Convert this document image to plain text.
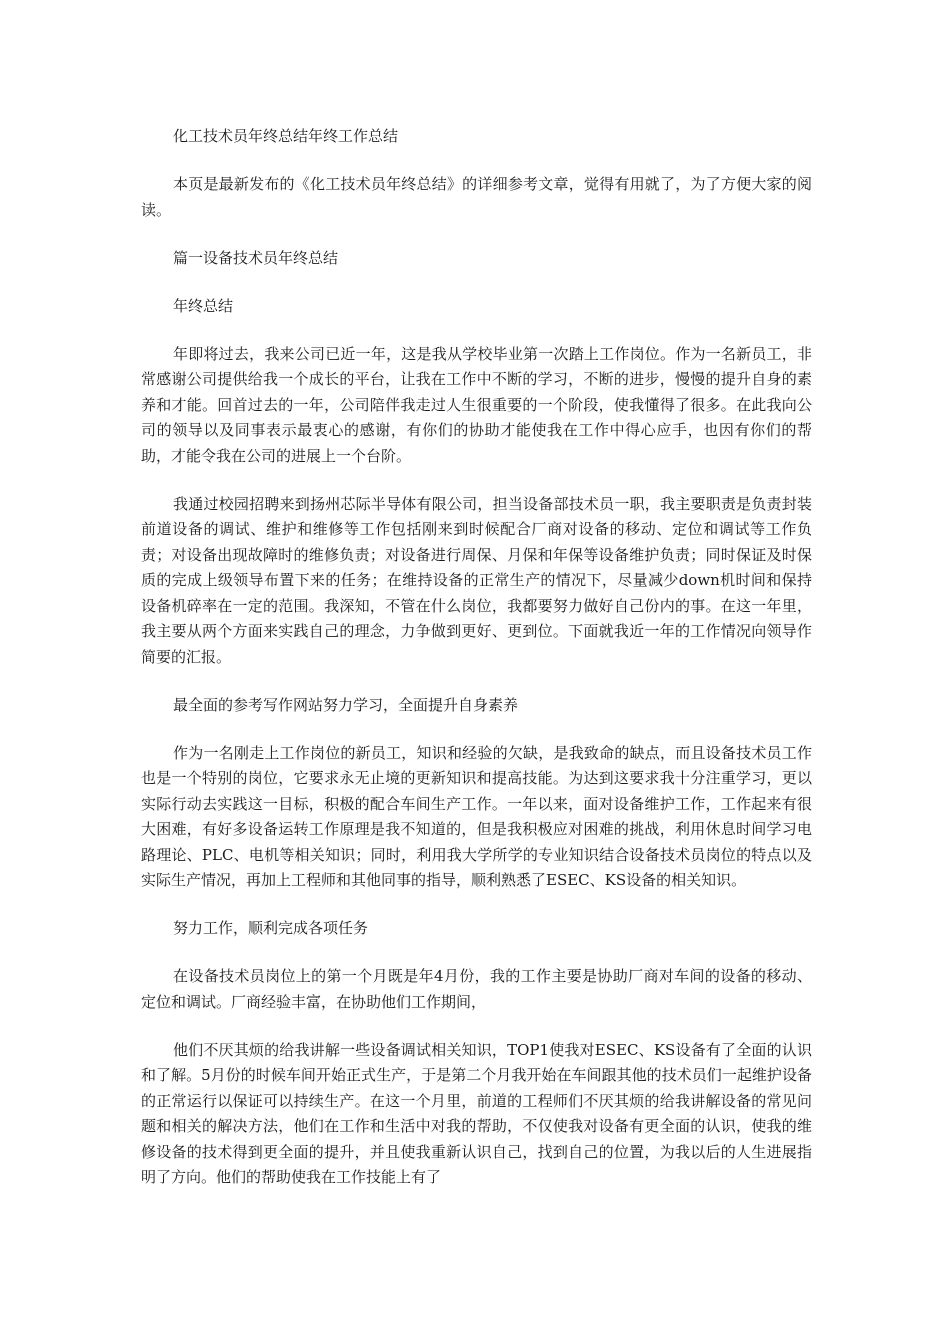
化工技术员年终总结年终工作总结

本页是最新发布的《化工技术员年终总结》的详细参考文章，觉得有用就了，为了方便大家的阅读。

篇一设备技术员年终总结

年终总结

年即将过去，我来公司已近一年，这是我从学校毕业第一次踏上工作岗位。作为一名新员工，非常感谢公司提供给我一个成长的平台，让我在工作中不断的学习，不断的进步，慢慢的提升自身的素养和才能。回首过去的一年，公司陪伴我走过人生很重要的一个阶段，使我懂得了很多。在此我向公司的领导以及同事表示最衷心的感谢，有你们的协助才能使我在工作中得心应手，也因有你们的帮助，才能令我在公司的进展上一个台阶。

我通过校园招聘来到扬州芯际半导体有限公司，担当设备部技术员一职，我主要职责是负责封装前道设备的调试、维护和维修等工作包括刚来到时候配合厂商对设备的移动、定位和调试等工作负责；对设备出现故障时的维修负责；对设备进行周保、月保和年保等设备维护负责；同时保证及时保质的完成上级领导布置下来的任务；在维持设备的正常生产的情况下，尽量减少down机时间和保持设备机碎率在一定的范围。我深知，不管在什么岗位，我都要努力做好自己份内的事。在这一年里，我主要从两个方面来实践自己的理念，力争做到更好、更到位。下面就我近一年的工作情况向领导作简要的汇报。

最全面的参考写作网站努力学习，全面提升自身素养

作为一名刚走上工作岗位的新员工，知识和经验的欠缺，是我致命的缺点，而且设备技术员工作也是一个特别的岗位，它要求永无止境的更新知识和提高技能。为达到这要求我十分注重学习，更以实际行动去实践这一目标，积极的配合车间生产工作。一年以来，面对设备维护工作，工作起来有很大困难，有好多设备运转工作原理是我不知道的，但是我积极应对困难的挑战，利用休息时间学习电路理论、PLC、电机等相关知识；同时，利用我大学所学的专业知识结合设备技术员岗位的特点以及实际生产情况，再加上工程师和其他同事的指导，顺利熟悉了ESEC、KS设备的相关知识。

努力工作，顺利完成各项任务

在设备技术员岗位上的第一个月既是年4月份，我的工作主要是协助厂商对车间的设备的移动、定位和调试。厂商经验丰富，在协助他们工作期间，

他们不厌其烦的给我讲解一些设备调试相关知识，TOP1使我对ESEC、KS设备有了全面的认识和了解。5月份的时候车间开始正式生产，于是第二个月我开始在车间跟其他的技术员们一起维护设备的正常运行以保证可以持续生产。在这一个月里，前道的工程师们不厌其烦的给我讲解设备的常见问题和相关的解决方法，他们在工作和生活中对我的帮助，不仅使我对设备有更全面的认识，使我的维修设备的技术得到更全面的提升，并且使我重新认识自己，找到自己的位置，为我以后的人生进展指明了方向。他们的帮助使我在工作技能上有了
